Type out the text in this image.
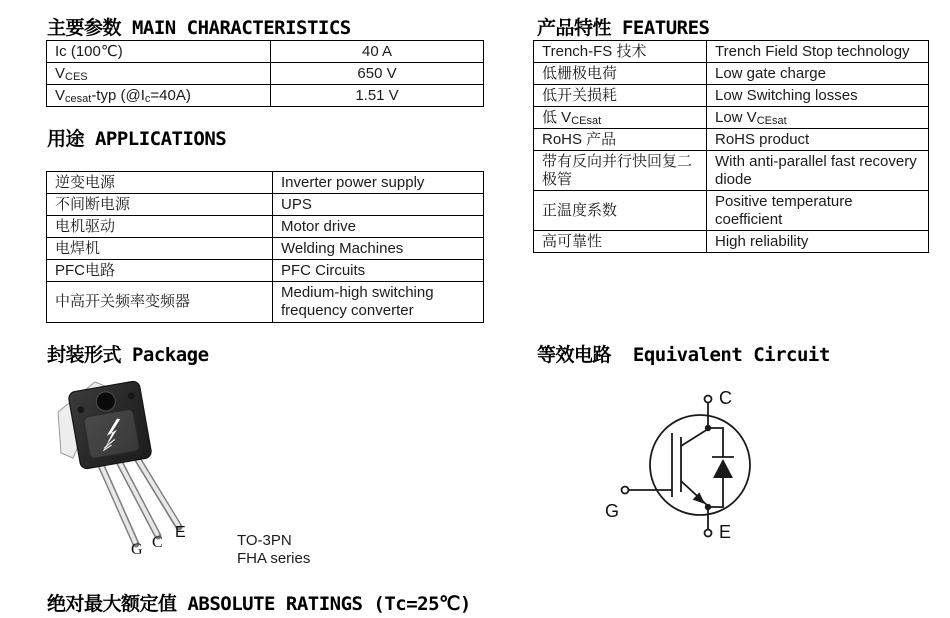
主要参数 MAIN CHARACTERISTICS	产品特性 FEATURES
用途 APPLICATIONS
封装形式 Package	等效电路  Equivalent Circuit
绝对最大额定值 ABSOLUTE RATINGS (Tc=25℃)
Ic (100℃)	40 A
$V_{CES}$	650 V
$V_{cesat}$-typ $(@I_c=40A)$	1.51 V
逆变电源	Inverter power supply
不间断电源	UPS
电机驱动	Motor drive
电焊机	Welding Machines
PFC电路	PFC Circuits
中高开关频率变频器	Medium-high switching frequency converter
Trench-FS 技术	Trench Field Stop technology
低栅极电荷	Low gate charge
低开关损耗	Low Switching losses
低 $V_{CEsat}$	Low $V_{CEsat}$
RoHS 产品	RoHS product
带有反向并行快回复二极管	With anti-parallel fast recovery diode
正温度系数	Positive temperature coefficient
高可靠性	High reliability
G C
E	TO-3PN
FHA series
C
G
E
